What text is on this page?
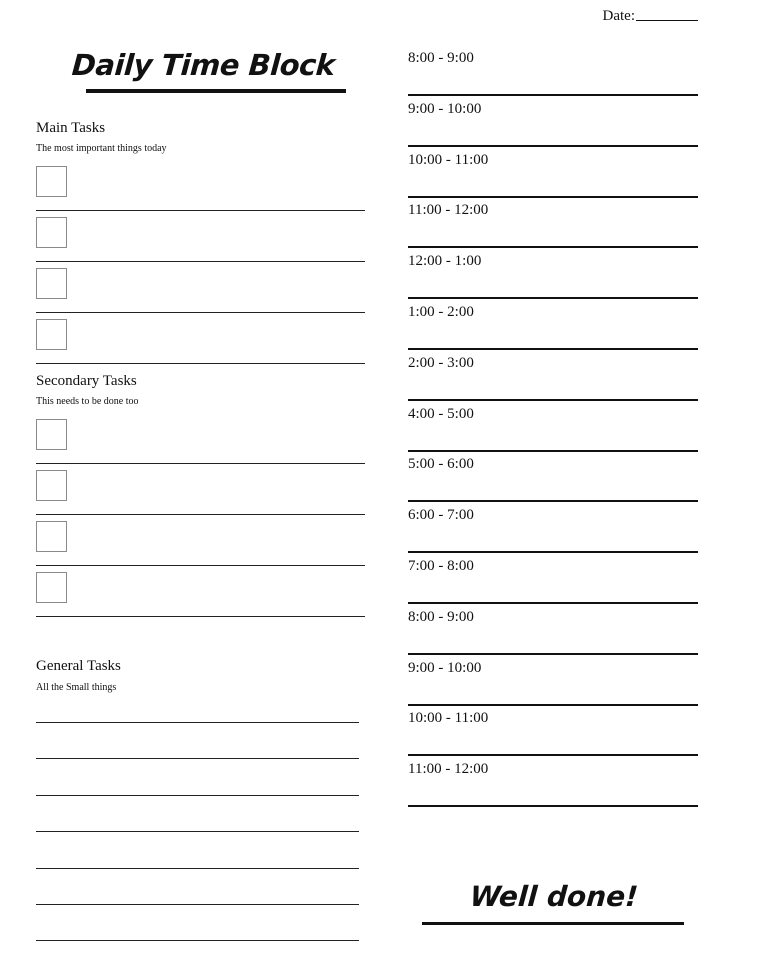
Date:
Daily Time Block
Main Tasks
The most important things today
Secondary Tasks
This needs to be done too
General Tasks
All the Small things
8:00 - 9:00
9:00 - 10:00
10:00 - 11:00
11:00 - 12:00
12:00 - 1:00
1:00 - 2:00
2:00 - 3:00
4:00 - 5:00
5:00 - 6:00
6:00 - 7:00
7:00 - 8:00
8:00 - 9:00
9:00 - 10:00
10:00 - 11:00
11:00 - 12:00
Well done!
